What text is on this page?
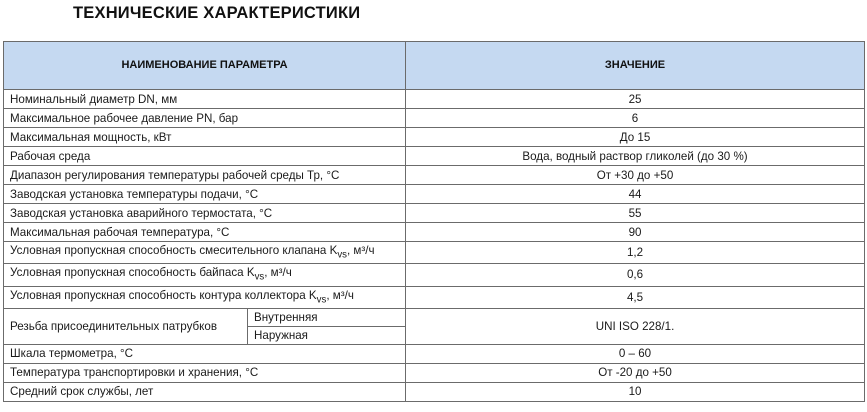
ТЕХНИЧЕСКИЕ ХАРАКТЕРИСТИКИ
НАИМЕНОВАНИЕ ПАРАМЕТРА		ЗНАЧЕНИЕ
Номинальный диаметр DN, мм		25
Максимальное рабочее давление PN, бар		6
Максимальная мощность, кВт		До 15
Рабочая среда		Вода, водный раствор гликолей (до 30 %)
Диапазон регулирования температуры рабочей среды Тр, °С		От +30 до +50
Заводская установка температуры подачи, °С		44
Заводская установка аварийного термостата, °С		55
Максимальная рабочая температура, °С		90
Условная пропускная способность смесительного клапана $K_{vs}$, м³/ч		1,2
Условная пропускная способность байпаса $K_{vs}$, м³/ч		0,6
Условная пропускная способность контура коллектора $K_{vs}$, м³/ч		4,5
Резьба присоединительных патрубков	Внутренняя	UNI ISO 228/1.
	Наружная	
Шкала термометра, °С		0 – 60
Температура транспортировки и хранения, °С		От -20 до +50
Средний срок службы, лет		10
